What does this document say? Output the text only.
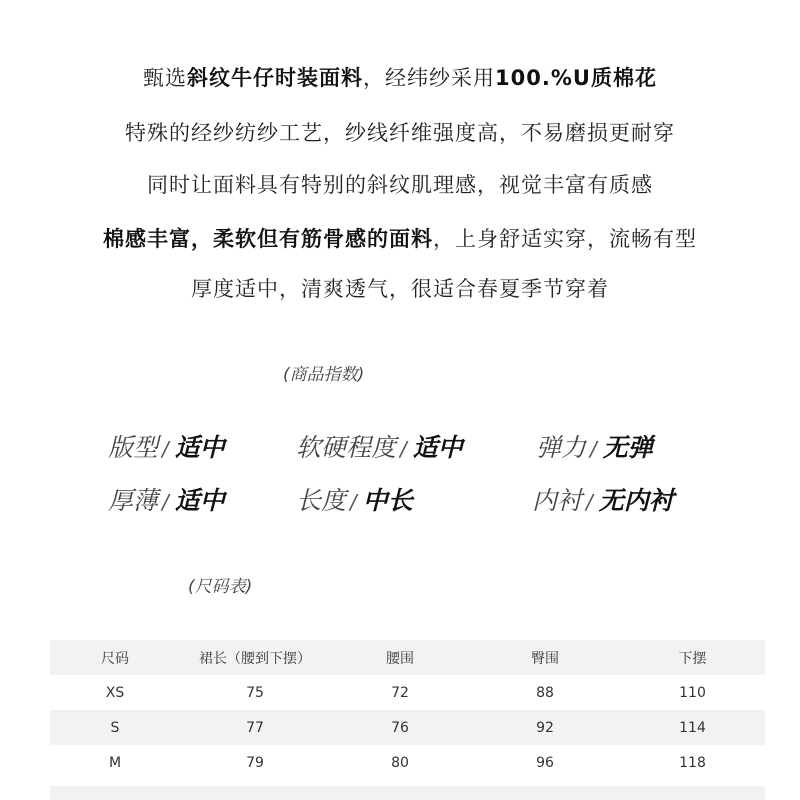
甄选斜纹牛仔时装面料，经纬纱采用100.%U质棉花
特殊的经纱纺纱工艺，纱线纤维强度高，不易磨损更耐穿
同时让面料具有特别的斜纹肌理感，视觉丰富有质感
棉感丰富，柔软但有筋骨感的面料，上身舒适实穿，流畅有型
厚度适中，清爽透气，很适合春夏季节穿着
(商品指数)
版型 / 适中	软硬程度 / 适中	弹力 / 无弹
厚薄 / 适中	长度 / 中长	内衬 / 无内衬
(尺码表)
尺码	裙长（腰到下摆）	腰围	臀围	下摆
XS	75	72	88	110
S	77	76	92	114
M	79	80	96	118
